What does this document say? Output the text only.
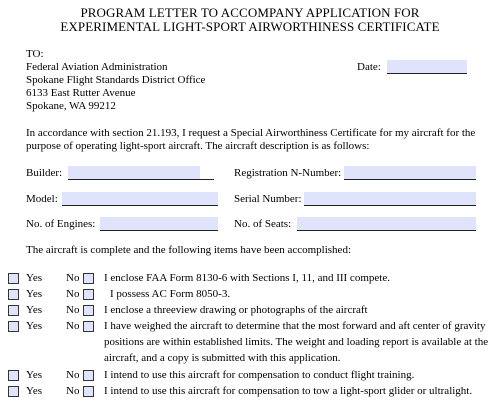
PROGRAM LETTER TO ACCOMPANY APPLICATION FOR
EXPERIMENTAL LIGHT-SPORT AIRWORTHINESS CERTIFICATE
TO:
Federal Aviation Administration
Spokane Flight Standards District Office
6133 East Rutter Avenue
Spokane, WA 99212
Date:
In accordance with section 21.193, I request a Special Airworthiness Certificate for my aircraft for the
purpose of operating light-sport aircraft. The aircraft description is as follows:
Builder:	Registration N-Number:
Model:	Serial Number:
No. of Engines:	No. of Seats:
The aircraft is complete and the following items have been accomplished:
Yes No I enclose FAA Form 8130-6 with Sections I, 11, and III compete.
Yes No	I possess AC Form 8050-3.
Yes No I enclose a threeview drawing or photographs of the aircraft
Yes No I have weighed the aircraft to determine that the most forward and aft center of gravity
positions are within established limits. The weight and loading report is available at the
aircraft, and a copy is submitted with this application.
Yes No I intend to use this aircraft for compensation to conduct flight training.
Yes No I intend to use this aircraft for compensation to tow a light-sport glider or ultralight.
